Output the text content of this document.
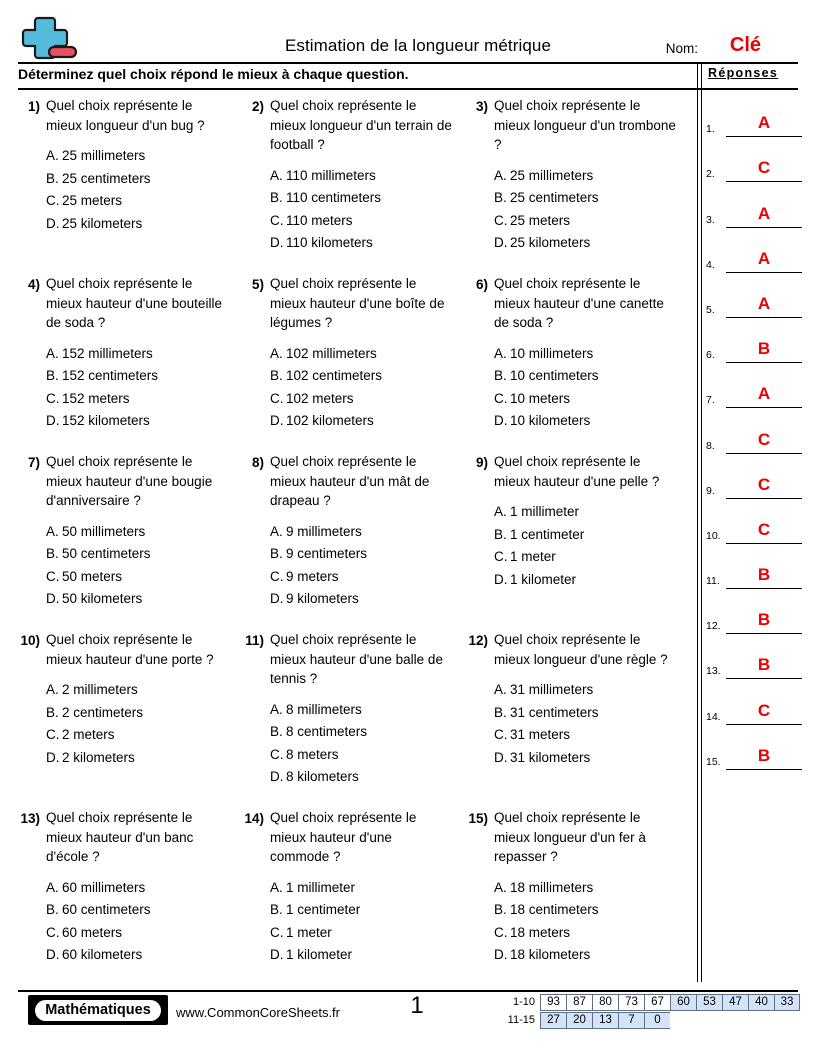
Estimation de la longueur métrique	Nom: Clé
Déterminez quel choix répond le mieux à chaque question.
1) Quel choix représente le mieux longueur d'un bug ?
A. 25 millimeters
B. 25 centimeters
C. 25 meters
D. 25 kilometers
2) Quel choix représente le mieux longueur d'un terrain de football ?
A. 110 millimeters
B. 110 centimeters
C. 110 meters
D. 110 kilometers
3) Quel choix représente le mieux longueur d'un trombone ?
A. 25 millimeters
B. 25 centimeters
C. 25 meters
D. 25 kilometers
4) Quel choix représente le mieux hauteur d'une bouteille de soda ?
A. 152 millimeters
B. 152 centimeters
C. 152 meters
D. 152 kilometers
5) Quel choix représente le mieux hauteur d'une boîte de légumes ?
A. 102 millimeters
B. 102 centimeters
C. 102 meters
D. 102 kilometers
6) Quel choix représente le mieux hauteur d'une canette de soda ?
A. 10 millimeters
B. 10 centimeters
C. 10 meters
D. 10 kilometers
7) Quel choix représente le mieux hauteur d'une bougie d'anniversaire ?
A. 50 millimeters
B. 50 centimeters
C. 50 meters
D. 50 kilometers
8) Quel choix représente le mieux hauteur d'un mât de drapeau ?
A. 9 millimeters
B. 9 centimeters
C. 9 meters
D. 9 kilometers
9) Quel choix représente le mieux hauteur d'une pelle ?
A. 1 millimeter
B. 1 centimeter
C. 1 meter
D. 1 kilometer
10) Quel choix représente le mieux hauteur d'une porte ?
A. 2 millimeters
B. 2 centimeters
C. 2 meters
D. 2 kilometers
11) Quel choix représente le mieux hauteur d'une balle de tennis ?
A. 8 millimeters
B. 8 centimeters
C. 8 meters
D. 8 kilometers
12) Quel choix représente le mieux longueur d'une règle ?
A. 31 millimeters
B. 31 centimeters
C. 31 meters
D. 31 kilometers
13) Quel choix représente le mieux hauteur d'un banc d'école ?
A. 60 millimeters
B. 60 centimeters
C. 60 meters
D. 60 kilometers
14) Quel choix représente le mieux hauteur d'une commode ?
A. 1 millimeter
B. 1 centimeter
C. 1 meter
D. 1 kilometer
15) Quel choix représente le mieux longueur d'un fer à repasser ?
A. 18 millimeters
B. 18 centimeters
C. 18 meters
D. 18 kilometers
Réponses
1.	A
2.	C
3.	A
4.	A
5.	A
6.	B
7.	A
8.	C
9.	C
10.	C
11.	B
12.	B
13.	B
14.	C
15.	B
Mathématiques	www.CommonCoreSheets.fr	1	1-10	93	87	80	73	67	60	53	47	40	33
11-15	27	20	13	7	0
